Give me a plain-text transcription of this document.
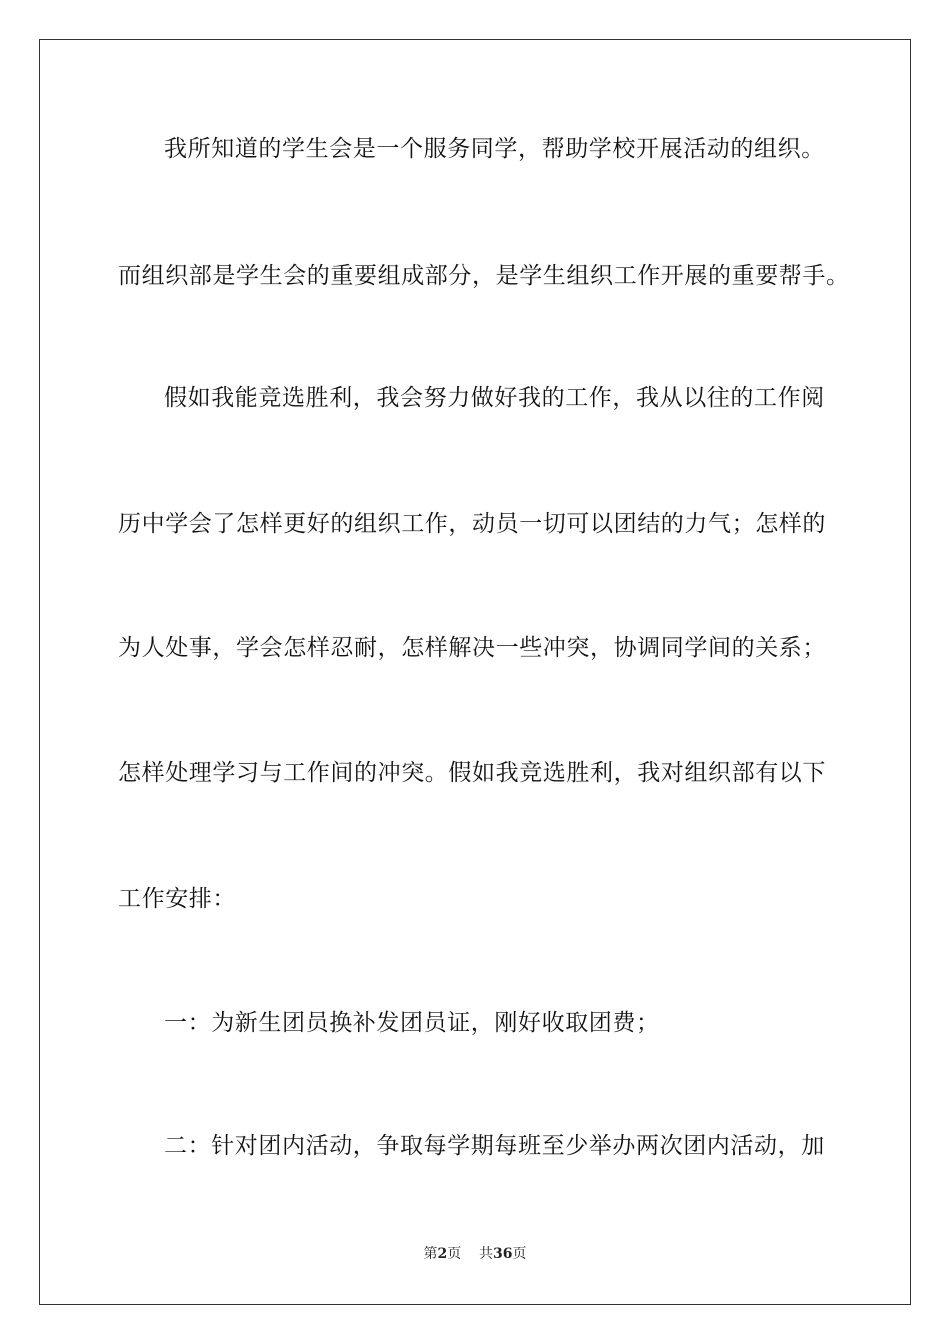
我所知道的学生会是一个服务同学，帮助学校开展活动的组织。
而组织部是学生会的重要组成部分，是学生组织工作开展的重要帮手。
假如我能竞选胜利，我会努力做好我的工作，我从以往的工作阅
历中学会了怎样更好的组织工作，动员一切可以团结的力气；怎样的
为人处事，学会怎样忍耐，怎样解决一些冲突，协调同学间的关系；
怎样处理学习与工作间的冲突。假如我竞选胜利，我对组织部有以下
工作安排：
一：为新生团员换补发团员证，刚好收取团费；
二：针对团内活动，争取每学期每班至少举办两次团内活动，加
第2页 共36页
